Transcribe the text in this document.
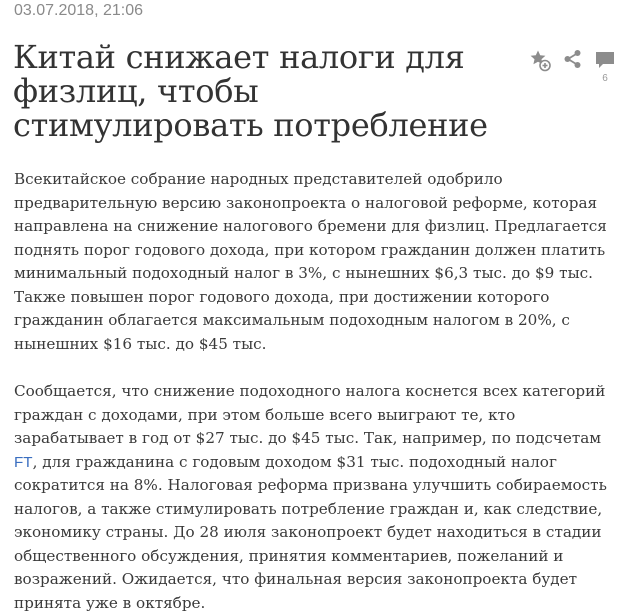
03.07.2018, 21:06
Китай снижает налоги для физлиц, чтобы стимулировать потребление
6

Всекитайское собрание народных представителей одобрило предварительную версию законопроекта о налоговой реформе, которая направлена на снижение налогового бремени для физлиц. Предлагается поднять порог годового дохода, при котором гражданин должен платить минимальный подоходный налог в 3%, с нынешних $6,3 тыс. до $9 тыс. Также повышен порог годового дохода, при достижении которого гражданин облагается максимальным подоходным налогом в 20%, с нынешних $16 тыс. до $45 тыс.

Сообщается, что снижение подоходного налога коснется всех категорий граждан с доходами, при этом больше всего выиграют те, кто зарабатывает в год от $27 тыс. до $45 тыс. Так, например, по подсчетам FT, для гражданина с годовым доходом $31 тыс. подоходный налог сократится на 8%. Налоговая реформа призвана улучшить собираемость налогов, а также стимулировать потребление граждан и, как следствие, экономику страны. До 28 июля законопроект будет находиться в стадии общественного обсуждения, принятия комментариев, пожеланий и возражений. Ожидается, что финальная версия законопроекта будет принята уже в октябре.
